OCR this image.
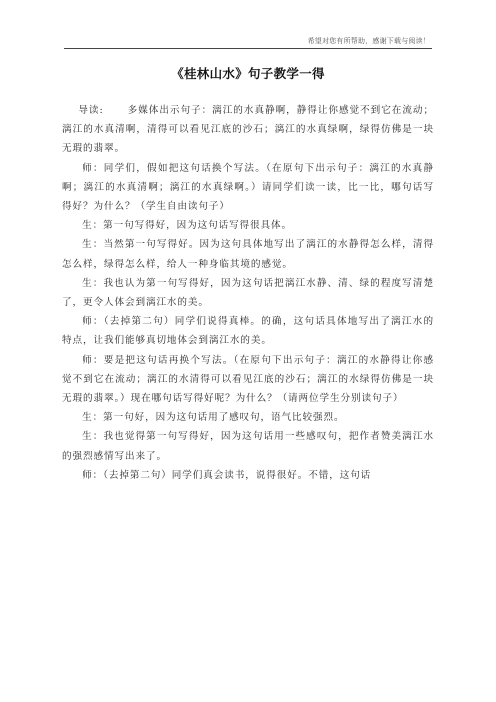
希望对您有所帮助，感谢下载与阅读！
《桂林山水》句子教学一得

导读:	多媒体出示句子：漓江的水真静啊，静得让你感觉不到它在流动；漓江的水真清啊，清得可以看见江底的沙石；漓江的水真绿啊，绿得仿佛是一块无瑕的翡翠。

师：同学们，假如把这句话换个写法。（在原句下出示句子：漓江的水真静啊；漓江的水真清啊；漓江的水真绿啊。）请同学们读一读，比一比，哪句话写得好？为什么？（学生自由读句子）

生：第一句写得好，因为这句话写得很具体。

生：当然第一句写得好。因为这句具体地写出了漓江的水静得怎么样，清得怎么样，绿得怎么样，给人一种身临其境的感觉。

生：我也认为第一句写得好，因为这句话把漓江水静、清、绿的程度写清楚了，更令人体会到漓江水的美。

师：（去掉第二句）同学们说得真棒。的确，这句话具体地写出了漓江水的特点，让我们能够真切地体会到漓江水的美。

师：要是把这句话再换个写法。（在原句下出示句子：漓江的水静得让你感觉不到它在流动；漓江的水清得可以看见江底的沙石；漓江的水绿得仿佛是一块无瑕的翡翠。）现在哪句话写得好呢？为什么？（请两位学生分别读句子）

生：第一句好，因为这句话用了感叹句，语气比较强烈。

生：我也觉得第一句写得好，因为这句话用一些感叹句，把作者赞美漓江水的强烈感情写出来了。

师：（去掉第二句）同学们真会读书，说得很好。不错，这句话
